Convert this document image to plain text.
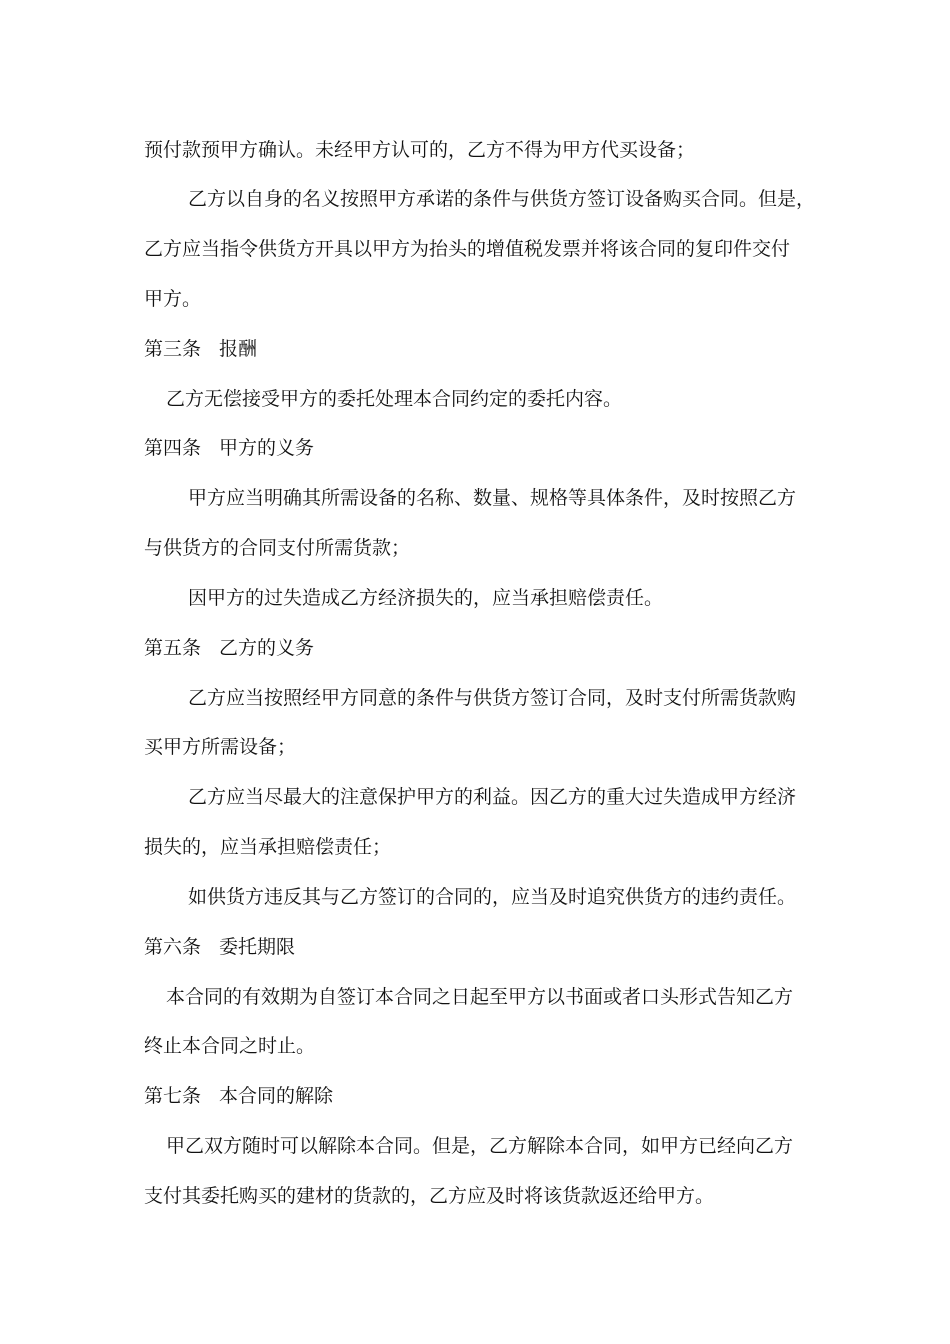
预付款预甲方确认。未经甲方认可的，乙方不得为甲方代买设备；
乙方以自身的名义按照甲方承诺的条件与供货方签订设备购买合同。但是，
乙方应当指令供货方开具以甲方为抬头的增值税发票并将该合同的复印件交付
甲方。
第三条 报酬
乙方无偿接受甲方的委托处理本合同约定的委托内容。
第四条 甲方的义务
甲方应当明确其所需设备的名称、数量、规格等具体条件，及时按照乙方
与供货方的合同支付所需货款；
因甲方的过失造成乙方经济损失的，应当承担赔偿责任。
第五条 乙方的义务
乙方应当按照经甲方同意的条件与供货方签订合同，及时支付所需货款购
买甲方所需设备；
乙方应当尽最大的注意保护甲方的利益。因乙方的重大过失造成甲方经济
损失的，应当承担赔偿责任；
如供货方违反其与乙方签订的合同的，应当及时追究供货方的违约责任。
第六条 委托期限
本合同的有效期为自签订本合同之日起至甲方以书面或者口头形式告知乙方
终止本合同之时止。
第七条 本合同的解除
甲乙双方随时可以解除本合同。但是，乙方解除本合同，如甲方已经向乙方
支付其委托购买的建材的货款的，乙方应及时将该货款返还给甲方。
